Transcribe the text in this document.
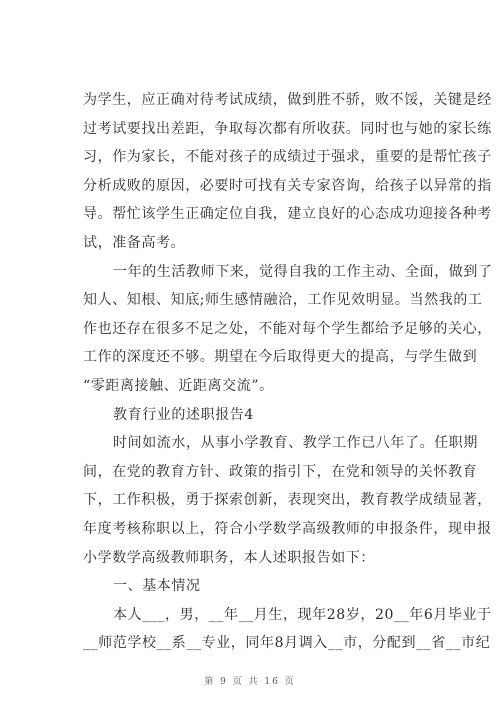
为学生，应正确对待考试成绩，做到胜不骄，败不馁，关键是经
过考试要找出差距，争取每次都有所收获。同时也与她的家长练
习，作为家长，不能对孩子的成绩过于强求，重要的是帮忙孩子
分析成败的原因，必要时可找有关专家咨询，给孩子以异常的指
导。帮忙该学生正确定位自我，建立良好的心态成功迎接各种考
试，准备高考。
一年的生活教师下来，觉得自我的工作主动、全面，做到了
知人、知根、知底;师生感情融洽，工作见效明显。当然我的工
作也还存在很多不足之处，不能对每个学生都给予足够的关心，
工作的深度还不够。期望在今后取得更大的提高，与学生做到
“零距离接触、近距离交流”。
教育行业的述职报告4
时间如流水，从事小学教育、教学工作已八年了。任职期
间，在党的教育方针、政策的指引下，在党和领导的关怀教育
下，工作积极，勇于探索创新，表现突出，教育教学成绩显著，
年度考核称职以上，符合小学数学高级教师的申报条件，现申报
小学数学高级教师职务，本人述职报告如下：
一、基本情况
本人___，男，__年__月生，现年28岁，20__年6月毕业于
__师范学校__系__专业，同年8月调入__市，分配到__省__市纪
第 9 页 共 16 页
